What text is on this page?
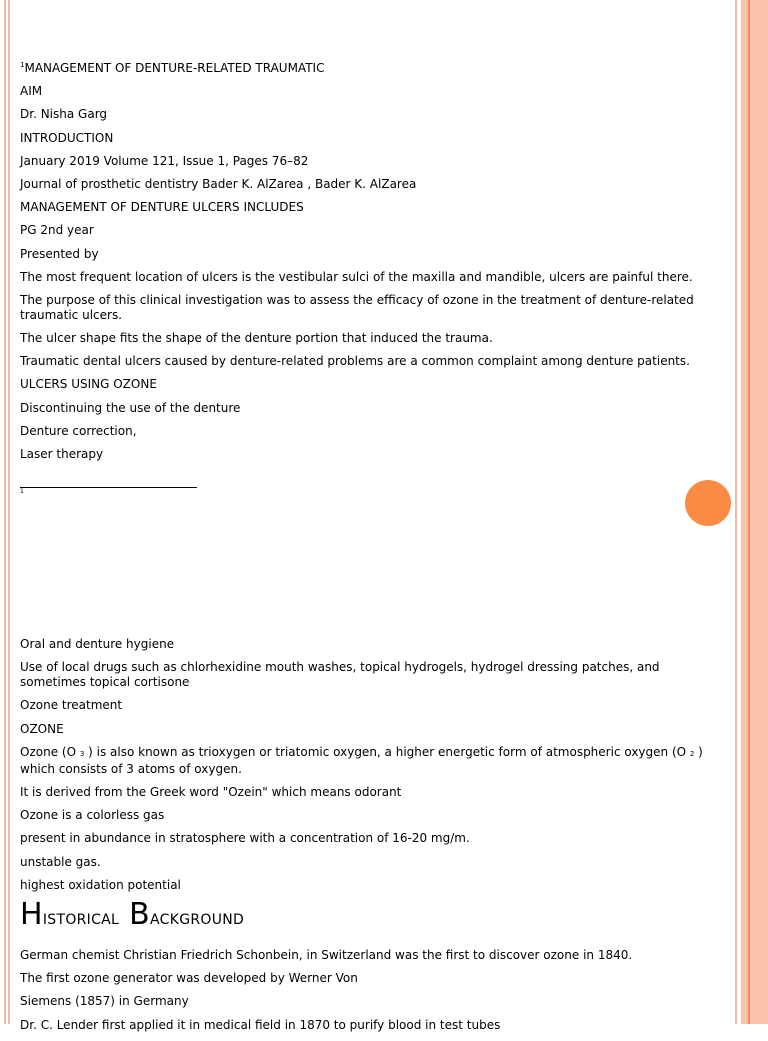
$^1$MANAGEMENT OF DENTURE-RELATED TRAUMATIC
AIM
Dr. Nisha Garg
INTRODUCTION
January 2019 Volume 121, Issue 1, Pages 76–82
Journal of prosthetic dentistry Bader K. AlZarea , Bader K. AlZarea
MANAGEMENT OF DENTURE ULCERS INCLUDES
PG 2nd year
Presented by
The most frequent location of ulcers is the vestibular sulci of the maxilla and mandible, ulcers are painful there.
The purpose of this clinical investigation was to assess the efficacy of ozone in the treatment of denture-related traumatic ulcers.
The ulcer shape fits the shape of the denture portion that induced the trauma.
Traumatic dental ulcers caused by denture-related problems are a common complaint among denture patients.
ULCERS USING OZONE
Discontinuing the use of the denture
Denture correction,
Laser therapy
1
Oral and denture hygiene
Use of local drugs such as chlorhexidine mouth washes, topical hydrogels, hydrogel dressing patches, and sometimes topical cortisone
Ozone treatment
OZONE
Ozone (O 3 ) is also known as trioxygen or triatomic oxygen, a higher energetic form of atmospheric oxygen (O 2 ) which consists of 3 atoms of oxygen.
It is derived from the Greek word "Ozein" which means odorant
Ozone is a colorless gas
present in abundance in stratosphere with a concentration of 16-20 mg/m.
unstable gas.
highest oxidation potential
HISTORICAL BACKGROUND
German chemist Christian Friedrich Schonbein, in Switzerland was the first to discover ozone in 1840.
The first ozone generator was developed by Werner Von
Siemens (1857) in Germany
Dr. C. Lender first applied it in medical field in 1870 to purify blood in test tubes
